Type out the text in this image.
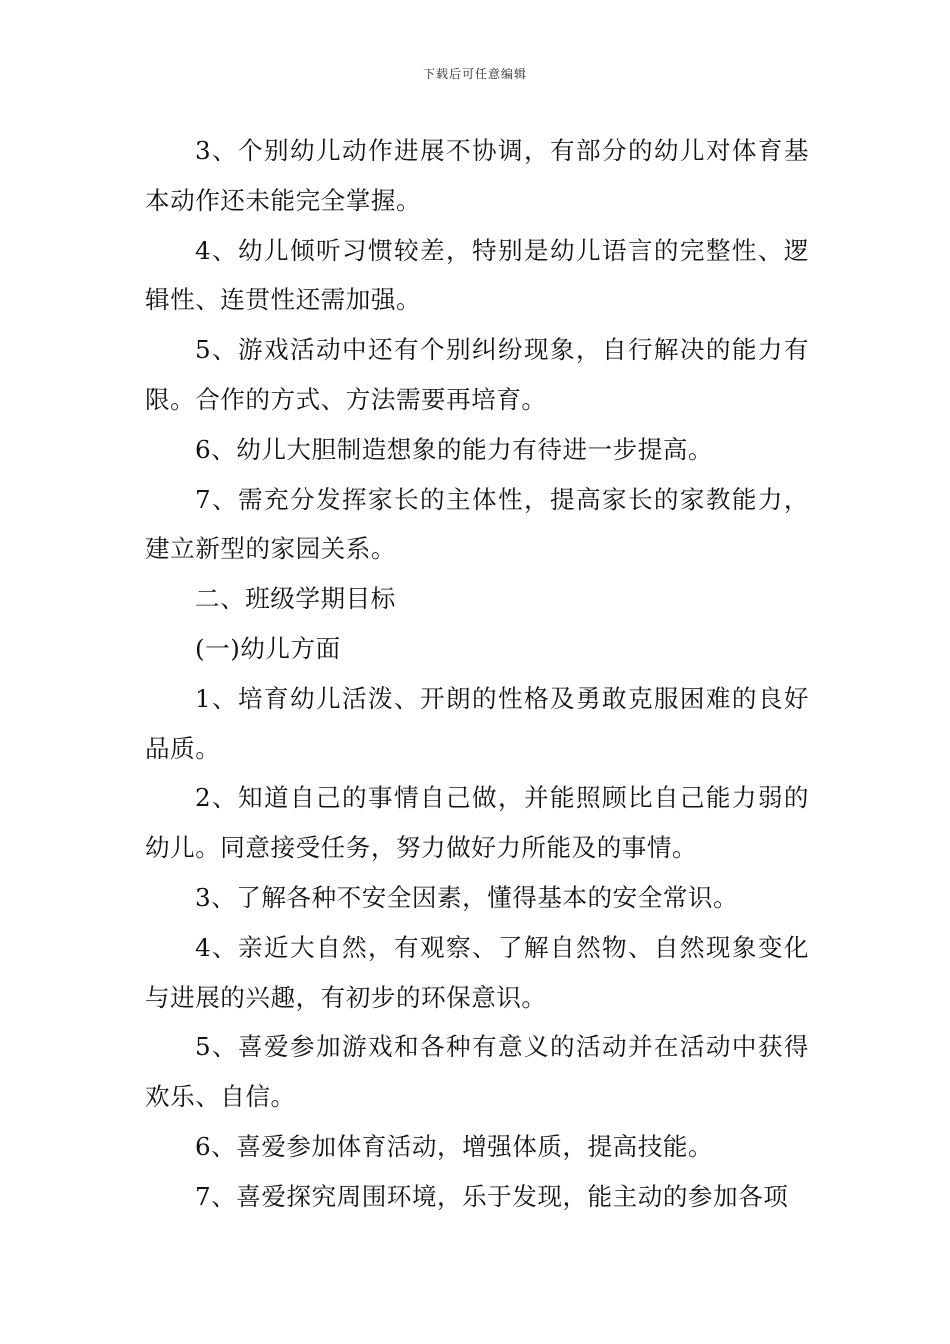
下载后可任意编辑

3、个别幼儿动作进展不协调，有部分的幼儿对体育基本动作还未能完全掌握。

4、幼儿倾听习惯较差，特别是幼儿语言的完整性、逻辑性、连贯性还需加强。

5、游戏活动中还有个别纠纷现象，自行解决的能力有限。合作的方式、方法需要再培育。

6、幼儿大胆制造想象的能力有待进一步提高。

7、需充分发挥家长的主体性，提高家长的家教能力，建立新型的家园关系。

二、班级学期目标

(一)幼儿方面

1、培育幼儿活泼、开朗的性格及勇敢克服困难的良好品质。

2、知道自己的事情自己做，并能照顾比自己能力弱的幼儿。同意接受任务，努力做好力所能及的事情。

3、了解各种不安全因素，懂得基本的安全常识。

4、亲近大自然，有观察、了解自然物、自然现象变化与进展的兴趣，有初步的环保意识。

5、喜爱参加游戏和各种有意义的活动并在活动中获得欢乐、自信。

6、喜爱参加体育活动，增强体质，提高技能。

7、喜爱探究周围环境，乐于发现，能主动的参加各项
